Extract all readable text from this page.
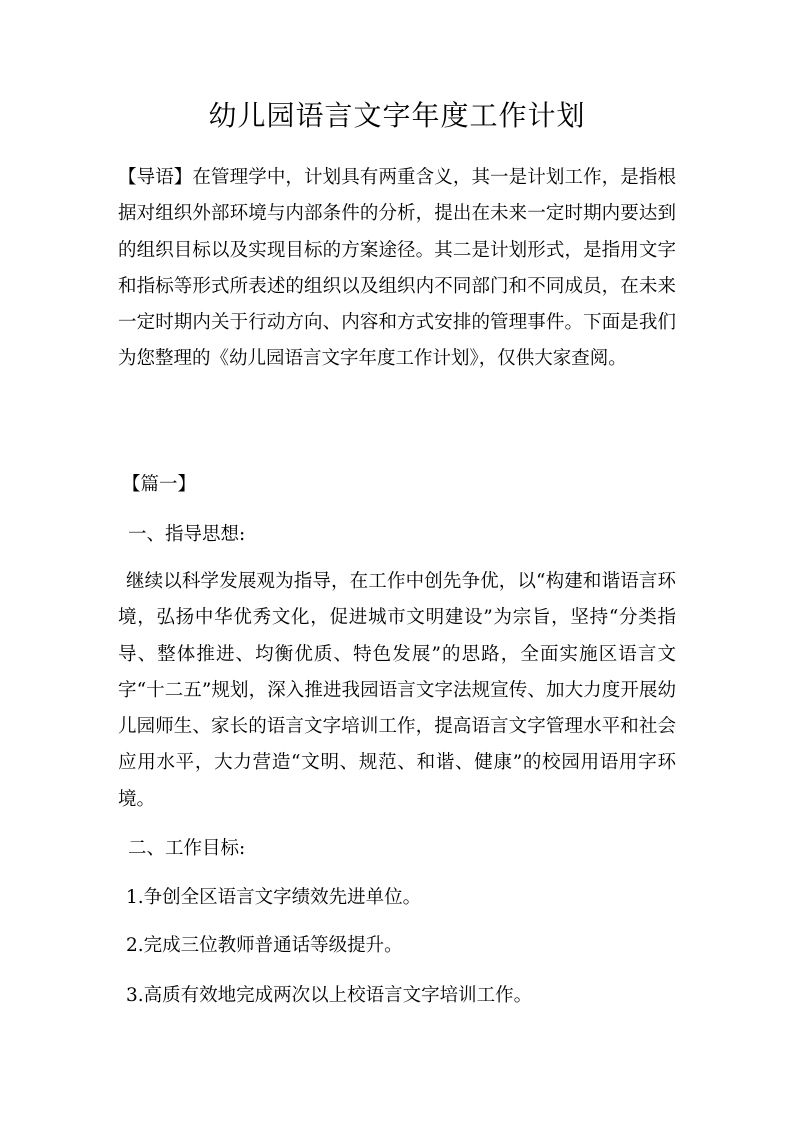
幼儿园语言文字年度工作计划

【导语】在管理学中，计划具有两重含义，其一是计划工作，是指根据对组织外部环境与内部条件的分析，提出在未来一定时期内要达到的组织目标以及实现目标的方案途径。其二是计划形式，是指用文字和指标等形式所表述的组织以及组织内不同部门和不同成员，在未来一定时期内关于行动方向、内容和方式安排的管理事件。下面是我们为您整理的《幼儿园语言文字年度工作计划》，仅供大家查阅。

【篇一】

一、指导思想:

继续以科学发展观为指导，在工作中创先争优，以“构建和谐语言环境，弘扬中华优秀文化，促进城市文明建设”为宗旨，坚持“分类指导、整体推进、均衡优质、特色发展”的思路，全面实施区语言文字“十二五”规划，深入推进我园语言文字法规宣传、加大力度开展幼儿园师生、家长的语言文字培训工作，提高语言文字管理水平和社会应用水平，大力营造“文明、规范、和谐、健康”的校园用语用字环境。

二、工作目标:

1.争创全区语言文字绩效先进单位。

2.完成三位教师普通话等级提升。

3.高质有效地完成两次以上校语言文字培训工作。
